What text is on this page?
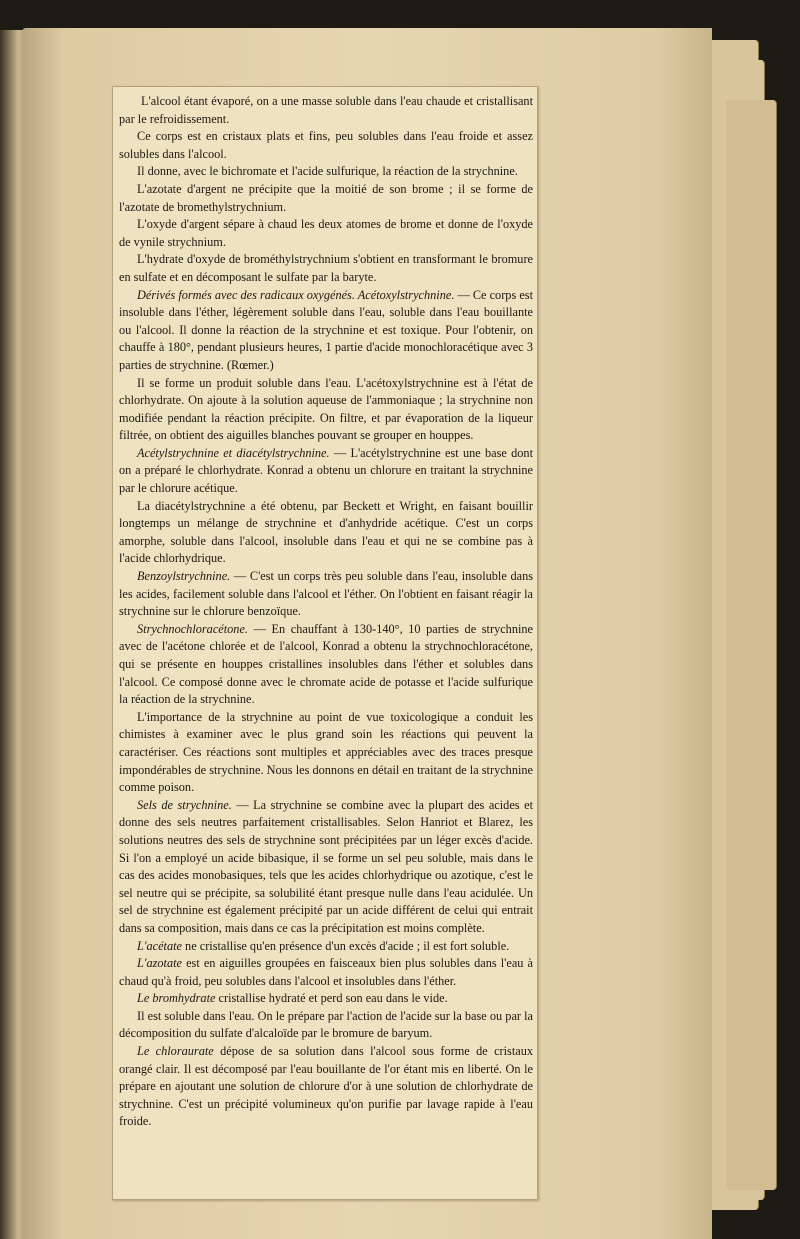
L'alcool étant évaporé, on a une masse soluble dans l'eau chaude et cristallisant par le refroidissement.

Ce corps est en cristaux plats et fins, peu solubles dans l'eau froide et assez solubles dans l'alcool.

Il donne, avec le bichromate et l'acide sulfurique, la réaction de la strychnine.

L'azotate d'argent ne précipite que la moitié de son brome ; il se forme de l'azotate de bromethylstrychnium.

L'oxyde d'argent sépare à chaud les deux atomes de brome et donne de l'oxyde de vynile strychnium.

L'hydrate d'oxyde de brométhylstrychnium s'obtient en transformant le bromure en sulfate et en décomposant le sulfate par la baryte.

Dérivés formés avec des radicaux oxygénés. Acétoxylstrychnine. — Ce corps est insoluble dans l'éther, légèrement soluble dans l'eau, soluble dans l'eau bouillante ou l'alcool. Il donne la réaction de la strychnine et est toxique. Pour l'obtenir, on chauffe à 180°, pendant plusieurs heures, 1 partie d'acide monochloracétique avec 3 parties de strychnine. (Rœmer.)

Il se forme un produit soluble dans l'eau. L'acétoxylstrychnine est à l'état de chlorhydrate. On ajoute à la solution aqueuse de l'ammoniaque ; la strychnine non modifiée pendant la réaction précipite. On filtre, et par évaporation de la liqueur filtrée, on obtient des aiguilles blanches pouvant se grouper en houppes.

Acétylstrychnine et diacétylstrychnine. — L'acétylstrychnine est une base dont on a préparé le chlorhydrate. Konrad a obtenu un chlorure en traitant la strychnine par le chlorure acétique.

La diacétylstrychnine a été obtenu, par Beckett et Wright, en faisant bouillir longtemps un mélange de strychnine et d'anhydride acétique. C'est un corps amorphe, soluble dans l'alcool, insoluble dans l'eau et qui ne se combine pas à l'acide chlorhydrique.

Benzoylstrychnine. — C'est un corps très peu soluble dans l'eau, insoluble dans les acides, facilement soluble dans l'alcool et l'éther. On l'obtient en faisant réagir la strychnine sur le chlorure benzoïque.

Strychnochloracétone. — En chauffant à 130-140°, 10 parties de strychnine avec de l'acétone chlorée et de l'alcool, Konrad a obtenu la strychnochloracétone, qui se présente en houppes cristallines insolubles dans l'éther et solubles dans l'alcool. Ce composé donne avec le chromate acide de potasse et l'acide sulfurique la réaction de la strychnine.

L'importance de la strychnine au point de vue toxicologique a conduit les chimistes à examiner avec le plus grand soin les réactions qui peuvent la caractériser. Ces réactions sont multiples et appréciables avec des traces presque impondérables de strychnine. Nous les donnons en détail en traitant de la strychnine comme poison.

Sels de strychnine. — La strychnine se combine avec la plupart des acides et donne des sels neutres parfaitement cristallisables. Selon Hanriot et Blarez, les solutions neutres des sels de strychnine sont précipitées par un léger excès d'acide. Si l'on a employé un acide bibasique, il se forme un sel peu soluble, mais dans le cas des acides monobasiques, tels que les acides chlorhydrique ou azotique, c'est le sel neutre qui se précipite, sa solubilité étant presque nulle dans l'eau acidulée. Un sel de strychnine est également précipité par un acide différent de celui qui entrait dans sa composition, mais dans ce cas la précipitation est moins complète.

L'acétate ne cristallise qu'en présence d'un excès d'acide ; il est fort soluble.

L'azotate est en aiguilles groupées en faisceaux bien plus solubles dans l'eau à chaud qu'à froid, peu solubles dans l'alcool et insolubles dans l'éther.

Le bromhydrate cristallise hydraté et perd son eau dans le vide.

Il est soluble dans l'eau. On le prépare par l'action de l'acide sur la base ou par la décomposition du sulfate d'alcaloïde par le bromure de baryum.

Le chloraurate dépose de sa solution dans l'alcool sous forme de cristaux orangé clair. Il est décomposé par l'eau bouillante de l'or étant mis en liberté. On le prépare en ajoutant une solution de chlorure d'or à une solution de chlorhydrate de strychnine. C'est un précipité volumineux qu'on purifie par lavage rapide à l'eau froide.
